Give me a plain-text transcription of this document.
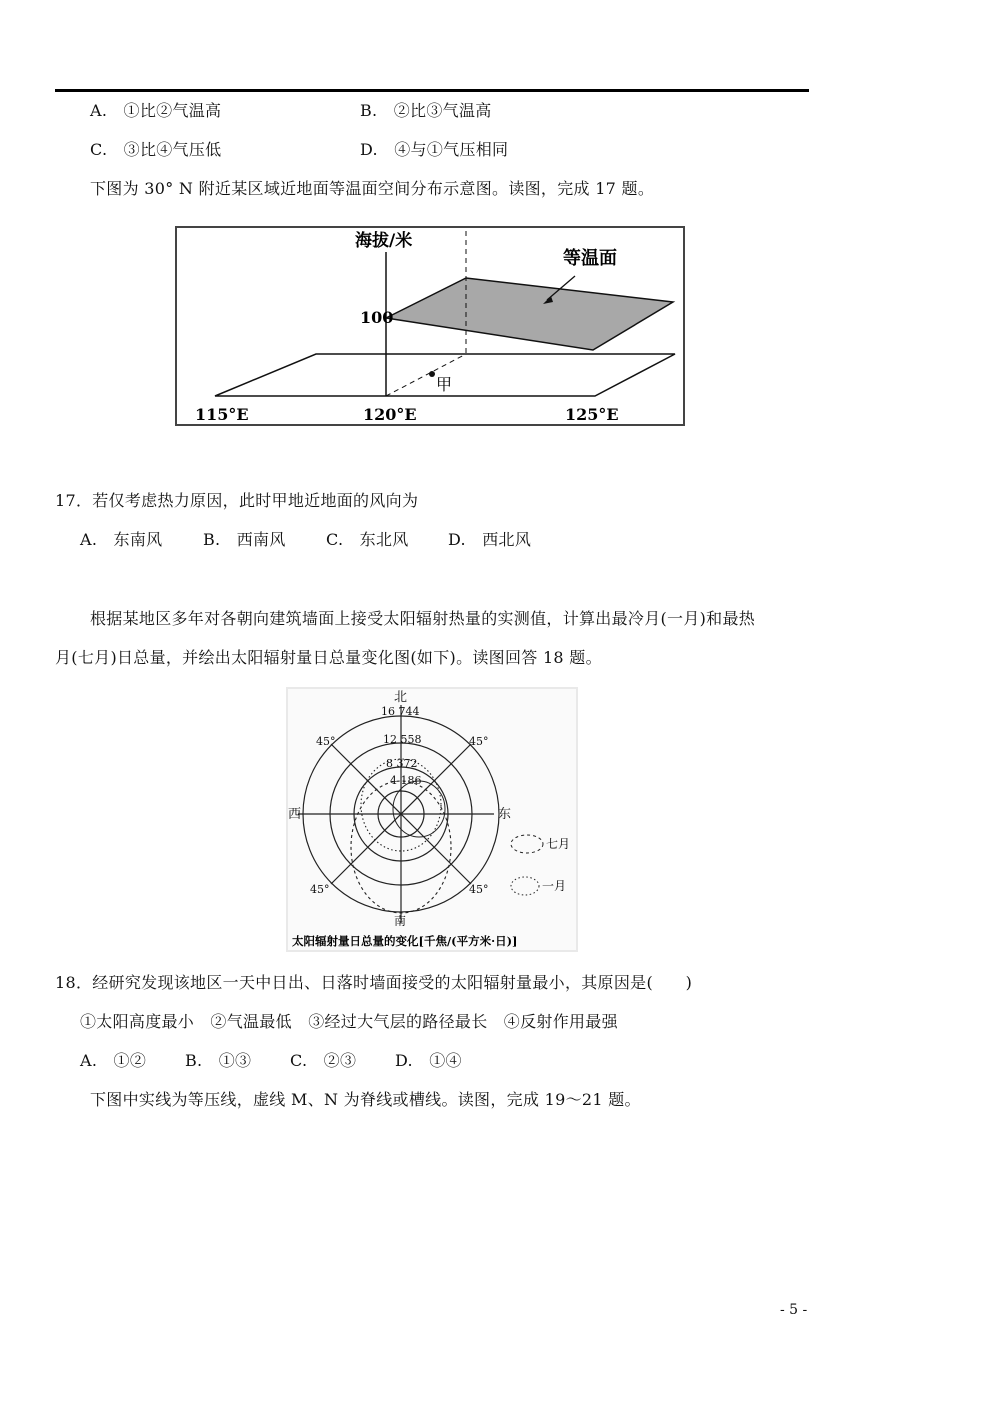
A.　①比②气温高	B.　②比③气温高
C.　③比④气压低	D.　④与①气压相同
下图为 30° N 附近某区域近地面等温面空间分布示意图。读图，完成 17 题。
海拔/米
等温面
100
甲
115°E	120°E	125°E
17．若仅考虑热力原因，此时甲地近地面的风向为
A.　东南风	B.　西南风	C.　东北风 D.　西北风
根据某地区多年对各朝向建筑墙面上接受太阳辐射热量的实测值，计算出最冷月(一月)和最热
月(七月)日总量，并绘出太阳辐射量日总量变化图(如下)。读图回答 18 题。
北
16 744
12 558
8 372
4 186
45°	45°
45°	45°
西	东
南
七月
一月
太阳辐射量日总量的变化[千焦/(平方米·日)]
18．经研究发现该地区一天中日出、日落时墙面接受的太阳辐射量最小，其原因是(　　)
①太阳高度最小　②气温最低　③经过大气层的路径最长　④反射作用最强
A.　①② B.　①③ C.　②③ D.　①④
下图中实线为等压线，虚线 M、N 为脊线或槽线。读图，完成 19～21 题。
- 5 -
